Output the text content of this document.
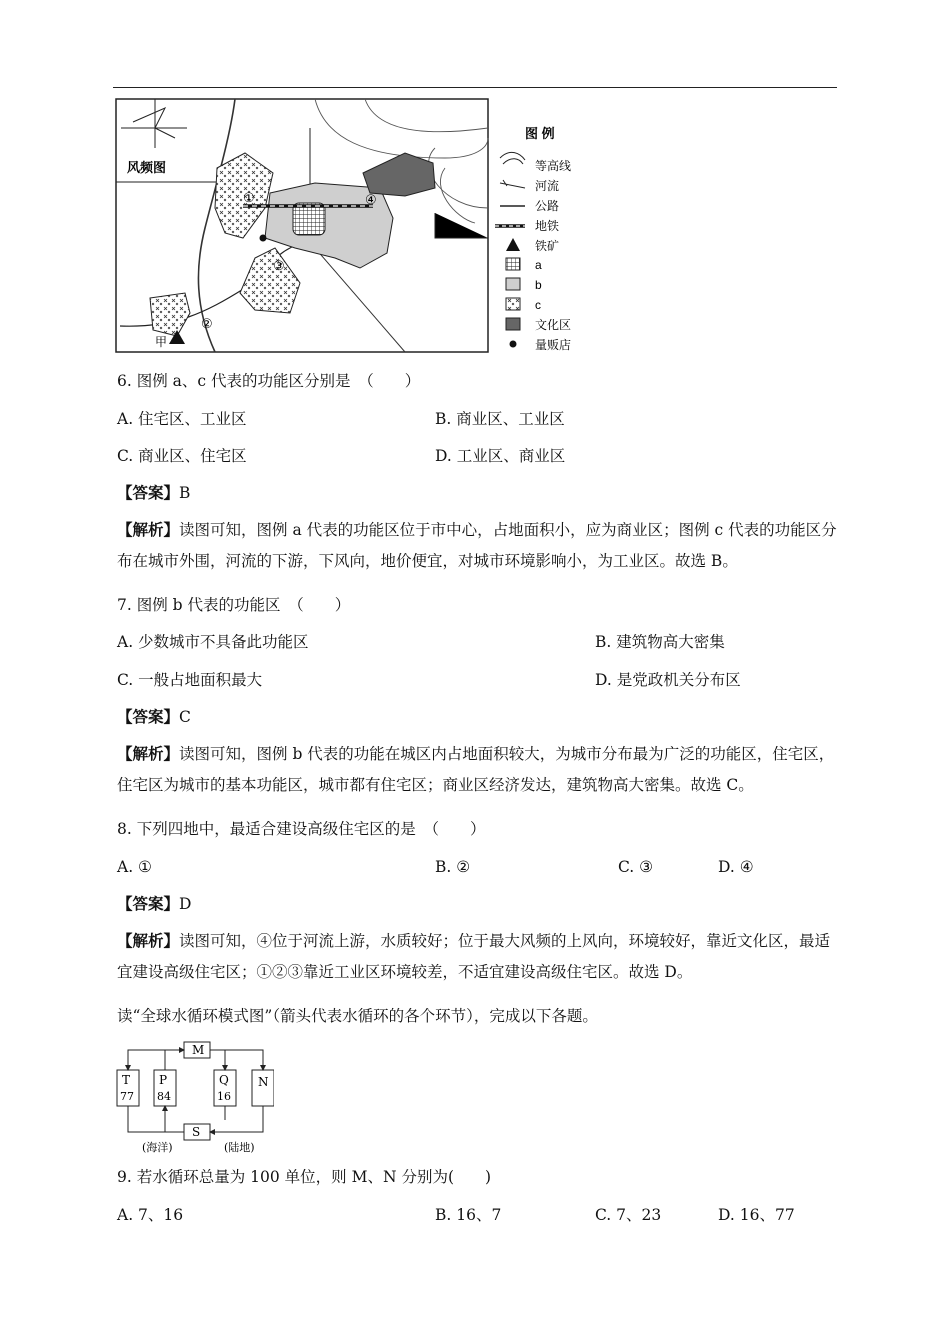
风频图
①
②
③
④
甲
图 例
等高线
河流
公路
地铁
铁矿
a
b
c
文化区
量贩店
6. 图例 a、c 代表的功能区分别是　（　　）
A. 住宅区、工业区	B. 商业区、工业区
C. 商业区、住宅区	D. 工业区、商业区
【答案】B
【解析】读图可知，图例 a 代表的功能区位于市中心，占地面积小，应为商业区；图例 c 代表的功能区分布在城市外围，河流的下游，下风向，地价便宜，对城市环境影响小，为工业区。故选 B。
7. 图例 b 代表的功能区　（　　）
A. 少数城市不具备此功能区	B. 建筑物高大密集
C. 一般占地面积最大	D. 是党政机关分布区
【答案】C
【解析】读图可知，图例 b 代表的功能在城区内占地面积较大，为城市分布最为广泛的功能区，住宅区，住宅区为城市的基本功能区，城市都有住宅区；商业区经济发达，建筑物高大密集。故选 C。
8. 下列四地中，最适合建设高级住宅区的是　（　　）
A. ①	B. ②	C. ③	D. ④
【答案】D
【解析】读图可知，④位于河流上游，水质较好；位于最大风频的上风向，环境较好，靠近文化区，最适宜建设高级住宅区；①②③靠近工业区环境较差，不适宜建设高级住宅区。故选 D。
读“全球水循环模式图”（箭头代表水循环的各个环节），完成以下各题。
M
T
77
P
84
Q
16
N
S
(海洋)	(陆地)
9. 若水循环总量为 100 单位，则 M、N 分别为(　　)
A. 7、16	B. 16、7	C. 7、23	D. 16、77
